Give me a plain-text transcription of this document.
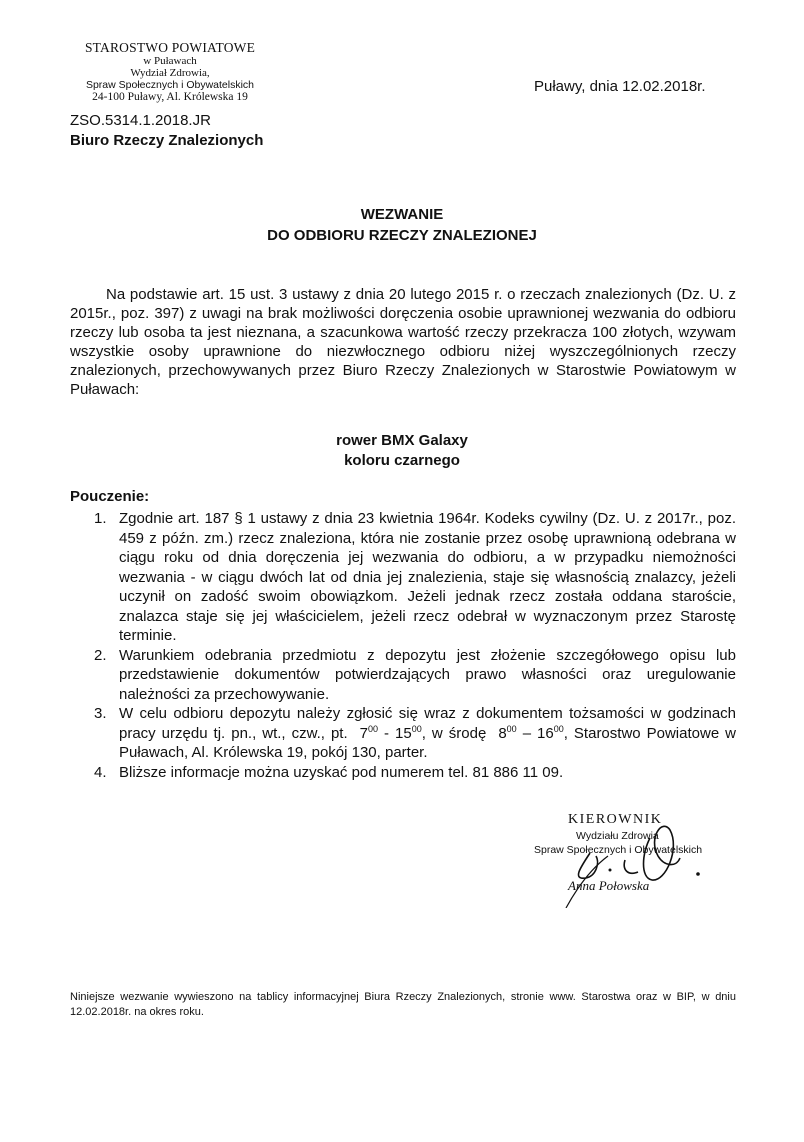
STAROSTWO POWIATOWE
w Puławach
Wydział Zdrowia,
Spraw Społecznych i Obywatelskich
24-100 Puławy, Al. Królewska 19
Puławy, dnia 12.02.2018r.
ZSO.5314.1.2018.JR
Biuro Rzeczy Znalezionych
WEZWANIE
DO ODBIORU RZECZY ZNALEZIONEJ

Na podstawie art. 15 ust. 3 ustawy z dnia 20 lutego 2015 r. o rzeczach znalezionych (Dz. U. z 2015r., poz. 397) z uwagi na brak możliwości doręczenia osobie uprawnionej wezwania do odbioru rzeczy lub osoba ta jest nieznana, a szacunkowa wartość rzeczy przekracza 100 złotych, wzywam wszystkie osoby uprawnione do niezwłocznego odbioru niżej wyszczególnionych rzeczy znalezionych, przechowywanych przez Biuro Rzeczy Znalezionych w Starostwie Powiatowym w Puławach:

rower BMX Galaxy
koloru czarnego
Pouczenie:
1. Zgodnie art. 187 § 1 ustawy z dnia 23 kwietnia 1964r. Kodeks cywilny (Dz. U. z 2017r., poz. 459 z późn. zm.) rzecz znaleziona, która nie zostanie przez osobę uprawnioną odebrana w ciągu roku od dnia doręczenia jej wezwania do odbioru, a w przypadku niemożności wezwania - w ciągu dwóch lat od dnia jej znalezienia, staje się własnością znalazcy, jeżeli uczynił on zadość swoim obowiązkom. Jeżeli jednak rzecz została oddana staroście, znalazca staje się jej właścicielem, jeżeli rzecz odebrał w wyznaczonym przez Starostę terminie.
2. Warunkiem odebrania przedmiotu z depozytu jest złożenie szczegółowego opisu lub przedstawienie dokumentów potwierdzających prawo własności oraz uregulowanie należności za przechowywanie.
3. W celu odbioru depozytu należy zgłosić się wraz z dokumentem tożsamości w godzinach pracy urzędu tj. pn., wt., czw., pt. $7^{00} - 15^{00}$, w środę $8^{00} - 16^{00}$, Starostwo Powiatowe w Puławach, Al. Królewska 19, pokój 130, parter.
4. Bliższe informacje można uzyskać pod numerem tel. 81 886 11 09.
KIEROWNIK
Wydziału Zdrowia
Spraw Społecznych i Obywatelskich
Anna Połowska
Niniejsze wezwanie wywieszono na tablicy informacyjnej Biura Rzeczy Znalezionych, stronie www. Starostwa oraz w BIP, w dniu 12.02.2018r. na okres roku.
